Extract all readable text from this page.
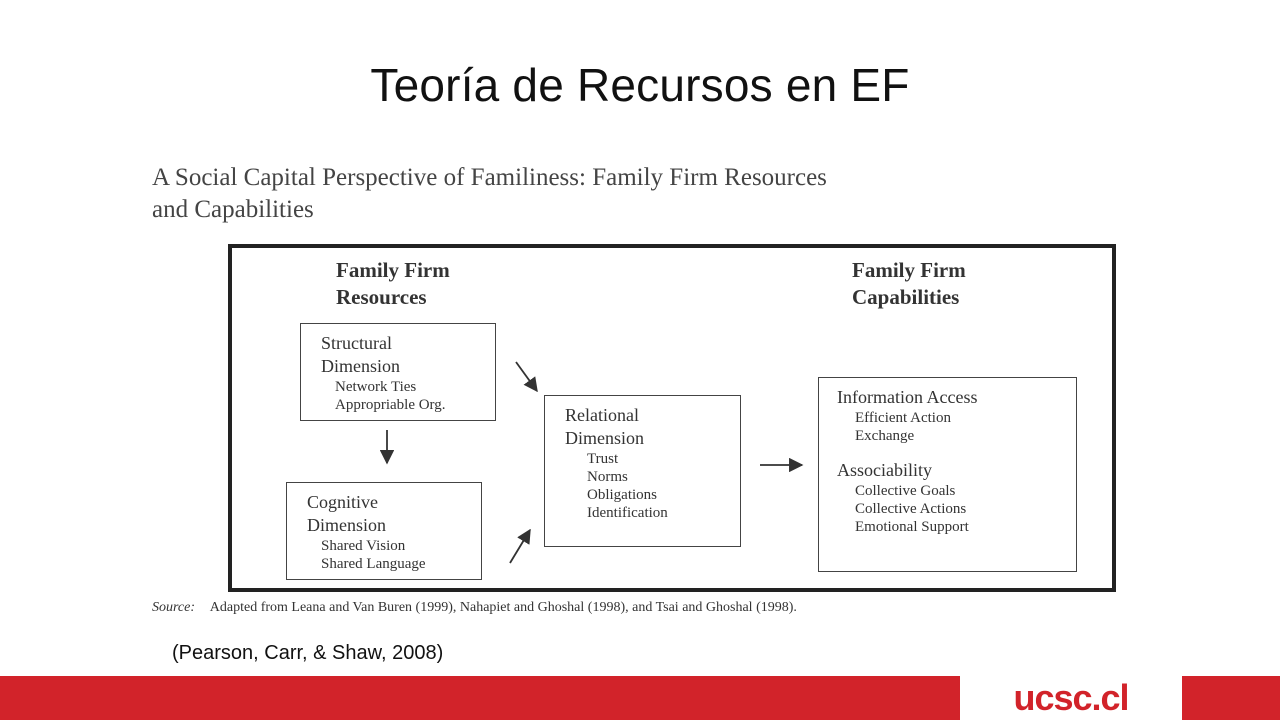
Teoría de Recursos en EF
A Social Capital Perspective of Familiness: Family Firm Resources
and Capabilities
Family Firm
Resources
Family Firm
Capabilities
Structural
Dimension
Network Ties
Appropriable Org.
Cognitive
Dimension
Shared Vision
Shared Language
Relational
Dimension
Trust
Norms
Obligations
Identification
Information Access
Efficient Action
Exchange
Associability
Collective Goals
Collective Actions
Emotional Support
Source: Adapted from Leana and Van Buren (1999), Nahapiet and Ghoshal (1998), and Tsai and Ghoshal (1998).
(Pearson, Carr, & Shaw, 2008)
ucsc.cl
